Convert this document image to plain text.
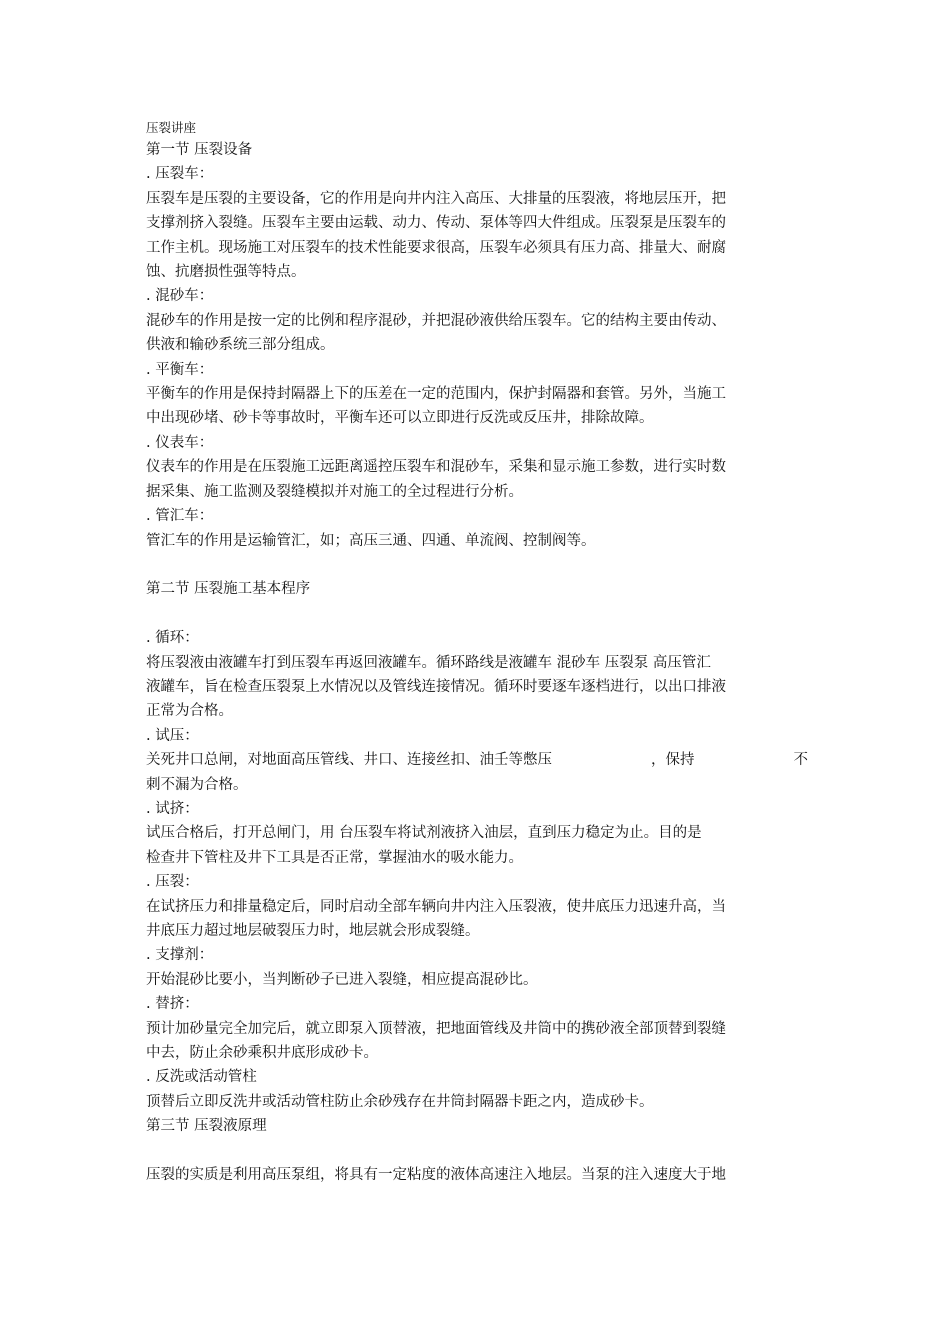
压裂讲座
第一节 压裂设备
. 压裂车：
压裂车是压裂的主要设备，它的作用是向井内注入高压、大排量的压裂液，将地层压开，把
支撑剂挤入裂缝。压裂车主要由运载、动力、传动、泵体等四大件组成。压裂泵是压裂车的
工作主机。现场施工对压裂车的技术性能要求很高，压裂车必须具有压力高、排量大、耐腐
蚀、抗磨损性强等特点。
. 混砂车：
混砂车的作用是按一定的比例和程序混砂，并把混砂液供给压裂车。它的结构主要由传动、
供液和输砂系统三部分组成。
. 平衡车：
平衡车的作用是保持封隔器上下的压差在一定的范围内，保护封隔器和套管。另外，当施工
中出现砂堵、砂卡等事故时，平衡车还可以立即进行反洗或反压井，排除故障。
. 仪表车：
仪表车的作用是在压裂施工远距离遥控压裂车和混砂车，采集和显示施工参数，进行实时数
据采集、施工监测及裂缝模拟并对施工的全过程进行分析。
. 管汇车：
管汇车的作用是运输管汇，如；高压三通、四通、单流阀、控制阀等。
第二节 压裂施工基本程序
. 循环：
将压裂液由液罐车打到压裂车再返回液罐车。循环路线是液罐车 混砂车 压裂泵 高压管汇
液罐车，旨在检查压裂泵上水情况以及管线连接情况。循环时要逐车逐档进行，以出口排液
正常为合格。
. 试压：
关死井口总闸，对地面高压管线、井口、连接丝扣、油壬等憋压	，保持	不
刺不漏为合格。
. 试挤：
试压合格后，打开总闸门，用 台压裂车将试剂液挤入油层，直到压力稳定为止。目的是
检查井下管柱及井下工具是否正常，掌握油水的吸水能力。
. 压裂：
在试挤压力和排量稳定后，同时启动全部车辆向井内注入压裂液，使井底压力迅速升高，当
井底压力超过地层破裂压力时，地层就会形成裂缝。
. 支撑剂：
开始混砂比要小，当判断砂子已进入裂缝，相应提高混砂比。
. 替挤：
预计加砂量完全加完后，就立即泵入顶替液，把地面管线及井筒中的携砂液全部顶替到裂缝
中去，防止余砂乘积井底形成砂卡。
. 反洗或活动管柱
顶替后立即反洗井或活动管柱防止余砂残存在井筒封隔器卡距之内，造成砂卡。
第三节 压裂液原理
压裂的实质是利用高压泵组，将具有一定粘度的液体高速注入地层。当泵的注入速度大于地
